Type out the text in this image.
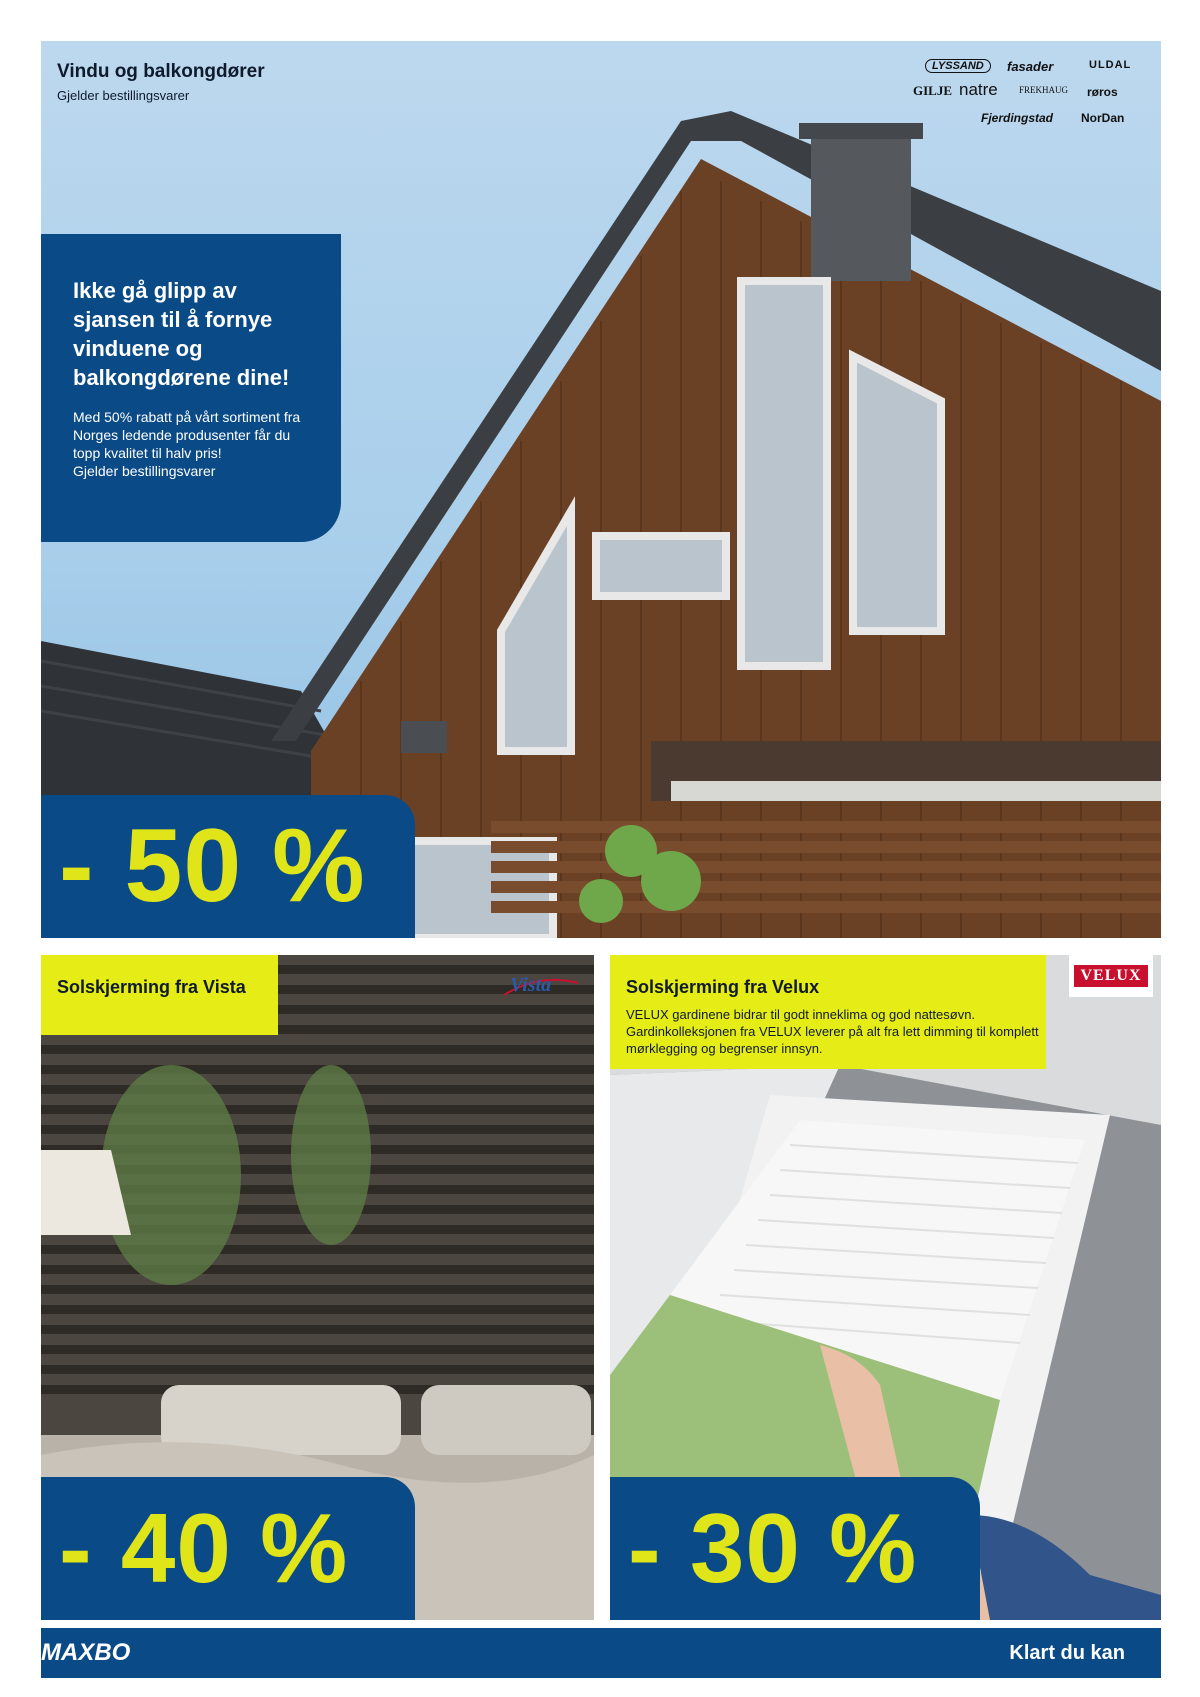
Vindu og balkongdører
Gjelder bestillingsvarer
LYSSAND	fasader	ULDAL
GILJE natre FREKHAUG røros
Fjerdingstad NorDan
Ikke gå glipp av sjansen til å fornye vinduene og balkongdørene dine!
Med 50% rabatt på vårt sortiment fra Norges ledende produsenter får du topp kvalitet til halv pris!
Gjelder bestillingsvarer
- 50 %
Solskjerming fra Vista	Vista
- 40 %
Solskjerming fra Velux
VELUX gardinene bidrar til godt inneklima og god nattesøvn. Gardinkolleksjonen fra VELUX leverer på alt fra lett dimming til komplett mørklegging og begrenser innsyn.
VELUX
- 30 %
MAXBO	Klart du kan
